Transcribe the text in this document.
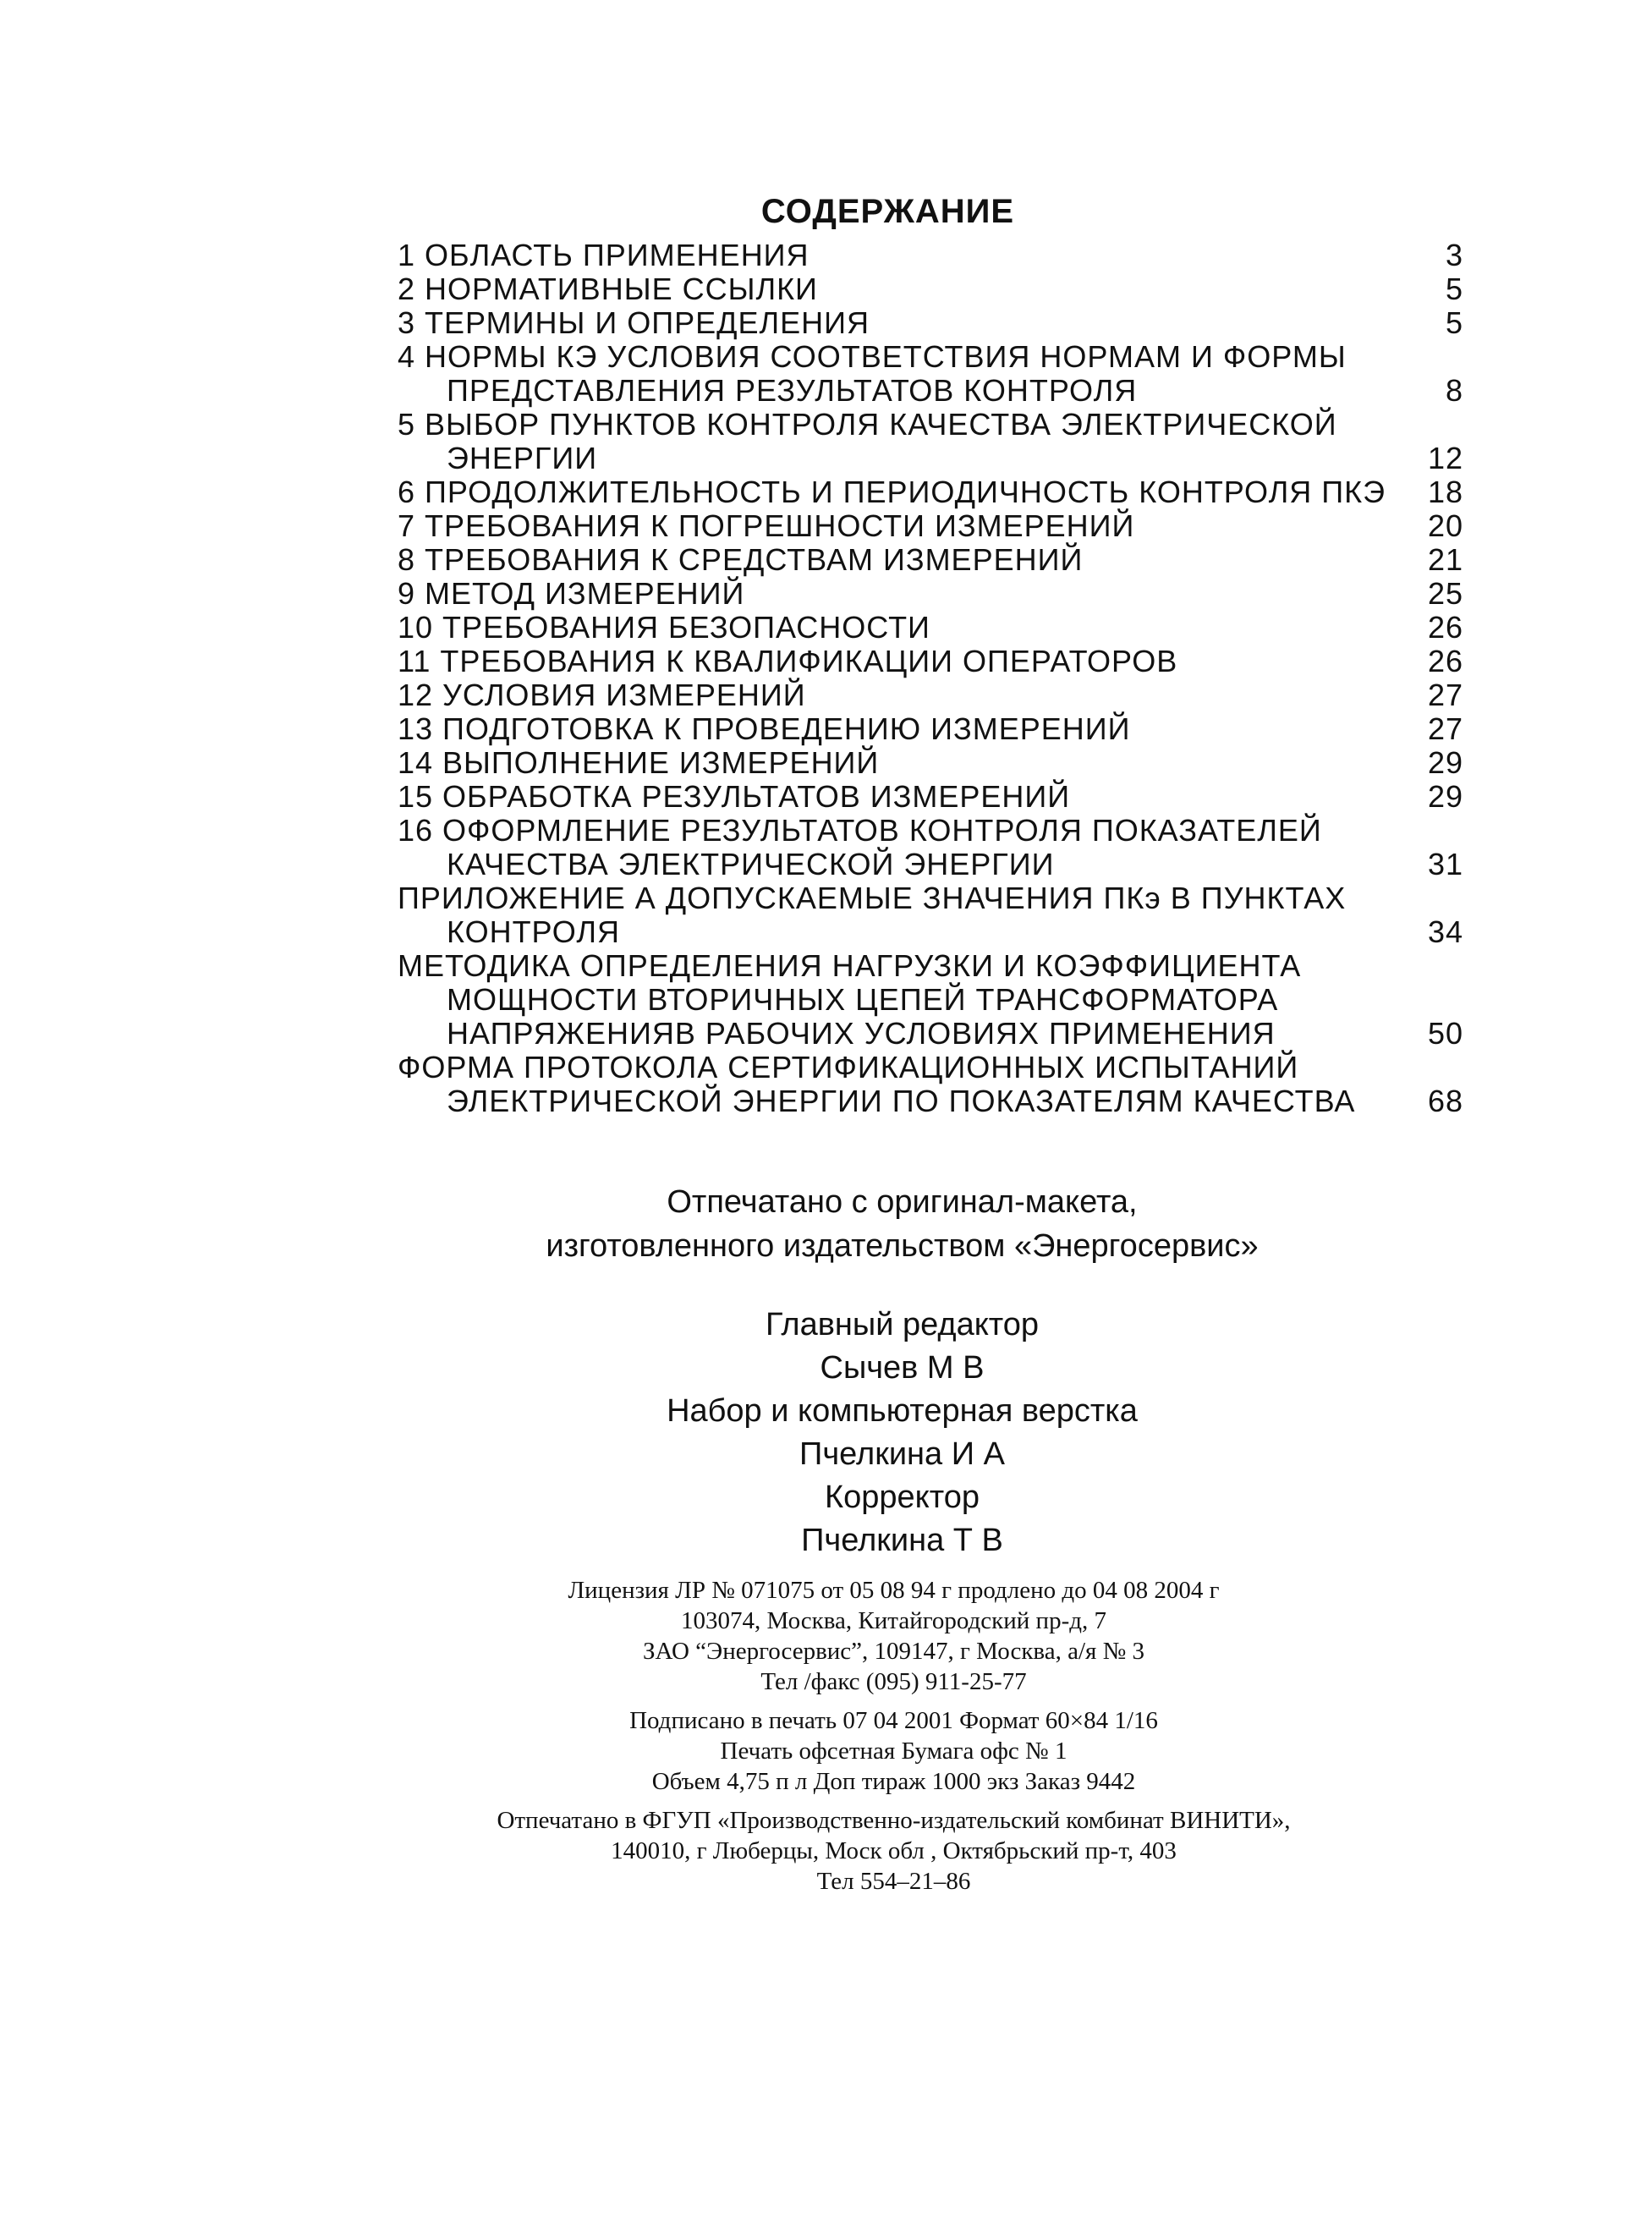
СОДЕРЖАНИЕ
1 ОБЛАСТЬ ПРИМЕНЕНИЯ	3
2 НОРМАТИВНЫЕ ССЫЛКИ	5
3 ТЕРМИНЫ И ОПРЕДЕЛЕНИЯ	5
4 НОРМЫ КЭ УСЛОВИЯ СООТВЕТСТВИЯ НОРМАМ И ФОРМЫ
ПРЕДСТАВЛЕНИЯ РЕЗУЛЬТАТОВ КОНТРОЛЯ	8
5 ВЫБОР ПУНКТОВ КОНТРОЛЯ КАЧЕСТВА ЭЛЕКТРИЧЕСКОЙ
ЭНЕРГИИ	12
6 ПРОДОЛЖИТЕЛЬНОСТЬ И ПЕРИОДИЧНОСТЬ КОНТРОЛЯ ПКЭ	18
7 ТРЕБОВАНИЯ К ПОГРЕШНОСТИ ИЗМЕРЕНИЙ	20
8 ТРЕБОВАНИЯ К СРЕДСТВАМ ИЗМЕРЕНИЙ	21
9 МЕТОД ИЗМЕРЕНИЙ	25
10 ТРЕБОВАНИЯ БЕЗОПАСНОСТИ	26
11 ТРЕБОВАНИЯ К КВАЛИФИКАЦИИ ОПЕРАТОРОВ	26
12 УСЛОВИЯ ИЗМЕРЕНИЙ	27
13 ПОДГОТОВКА К ПРОВЕДЕНИЮ ИЗМЕРЕНИЙ	27
14 ВЫПОЛНЕНИЕ ИЗМЕРЕНИЙ	29
15 ОБРАБОТКА РЕЗУЛЬТАТОВ ИЗМЕРЕНИЙ	29
16 ОФОРМЛЕНИЕ РЕЗУЛЬТАТОВ КОНТРОЛЯ ПОКАЗАТЕЛЕЙ
КАЧЕСТВА ЭЛЕКТРИЧЕСКОЙ ЭНЕРГИИ	31
ПРИЛОЖЕНИЕ А ДОПУСКАЕМЫЕ ЗНАЧЕНИЯ ПКэ В ПУНКТАХ
КОНТРОЛЯ	34
МЕТОДИКА ОПРЕДЕЛЕНИЯ НАГРУЗКИ И КОЭФФИЦИЕНТА
МОЩНОСТИ ВТОРИЧНЫХ ЦЕПЕЙ ТРАНСФОРМАТОРА
НАПРЯЖЕНИЯВ РАБОЧИХ УСЛОВИЯХ ПРИМЕНЕНИЯ	50
ФОРМА ПРОТОКОЛА СЕРТИФИКАЦИОННЫХ ИСПЫТАНИЙ
ЭЛЕКТРИЧЕСКОЙ ЭНЕРГИИ ПО ПОКАЗАТЕЛЯМ КАЧЕСТВА	68
Отпечатано с оригинал-макета,
изготовленного издательством «Энергосервис»
Главный редактор
Сычев М В
Набор и компьютерная верстка
Пчелкина И А
Корректор
Пчелкина Т В
Лицензия ЛР № 071075 от 05 08 94 г продлено до 04 08 2004 г
103074, Москва, Китайгородский пр-д, 7
ЗАО “Энергосервис”, 109147, г Москва, а/я № 3
Тел /факс (095) 911-25-77
Подписано в печать 07 04 2001 Формат 60×84 1/16
Печать офсетная Бумага офс № 1
Объем 4,75 п л Доп тираж 1000 экз Заказ 9442
Отпечатано в ФГУП «Производственно-издательский комбинат ВИНИТИ»,
140010, г Люберцы, Моск обл , Октябрьский пр-т, 403
Тел 554–21–86
